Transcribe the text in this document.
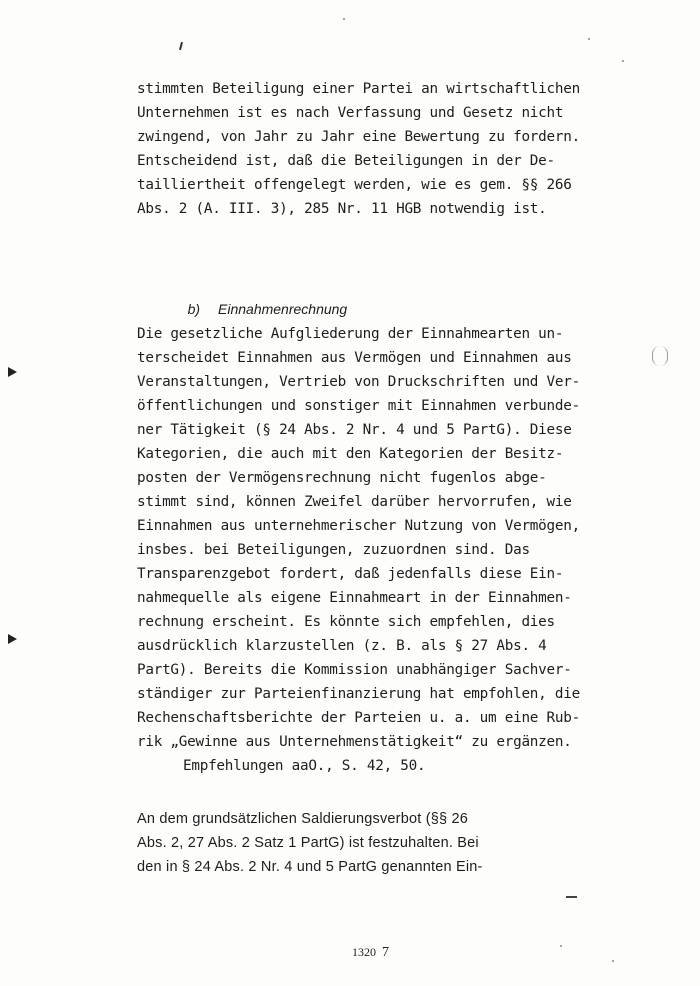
stimmten Beteiligung einer Partei an wirtschaftlichen
Unternehmen ist es nach Verfassung und Gesetz nicht
zwingend, von Jahr zu Jahr eine Bewertung zu fordern.
Entscheidend ist, daß die Beteiligungen in der De-
tailliertheit offengelegt werden, wie es gem. §§ 266
Abs. 2 (A. III. 3), 285 Nr. 11 HGB notwendig ist.

b) Einnahmenrechnung

Die gesetzliche Aufgliederung der Einnahmearten un-
terscheidet Einnahmen aus Vermögen und Einnahmen aus
Veranstaltungen, Vertrieb von Druckschriften und Ver-
öffentlichungen und sonstiger mit Einnahmen verbunde-
ner Tätigkeit (§ 24 Abs. 2 Nr. 4 und 5 PartG). Diese
Kategorien, die auch mit den Kategorien der Besitz-
posten der Vermögensrechnung nicht fugenlos abge-
stimmt sind, können Zweifel darüber hervorrufen, wie
Einnahmen aus unternehmerischer Nutzung von Vermögen,
insbes. bei Beteiligungen, zuzuordnen sind. Das
Transparenzgebot fordert, daß jedenfalls diese Ein-
nahmequelle als eigene Einnahmeart in der Einnahmen-
rechnung erscheint. Es könnte sich empfehlen, dies
ausdrücklich klarzustellen (z. B. als § 27 Abs. 4
PartG). Bereits die Kommission unabhängiger Sachver-
ständiger zur Parteienfinanzierung hat empfohlen, die
Rechenschaftsberichte der Parteien u. a. um eine Rub-
rik „Gewinne aus Unternehmenstätigkeit“ zu ergänzen.
Empfehlungen aaO., S. 42, 50.
An dem grundsätzlichen Saldierungsverbot (§§ 26
Abs. 2, 27 Abs. 2 Satz 1 PartG) ist festzuhalten. Bei
den in § 24 Abs. 2 Nr. 4 und 5 PartG genannten Ein-

1320 7
